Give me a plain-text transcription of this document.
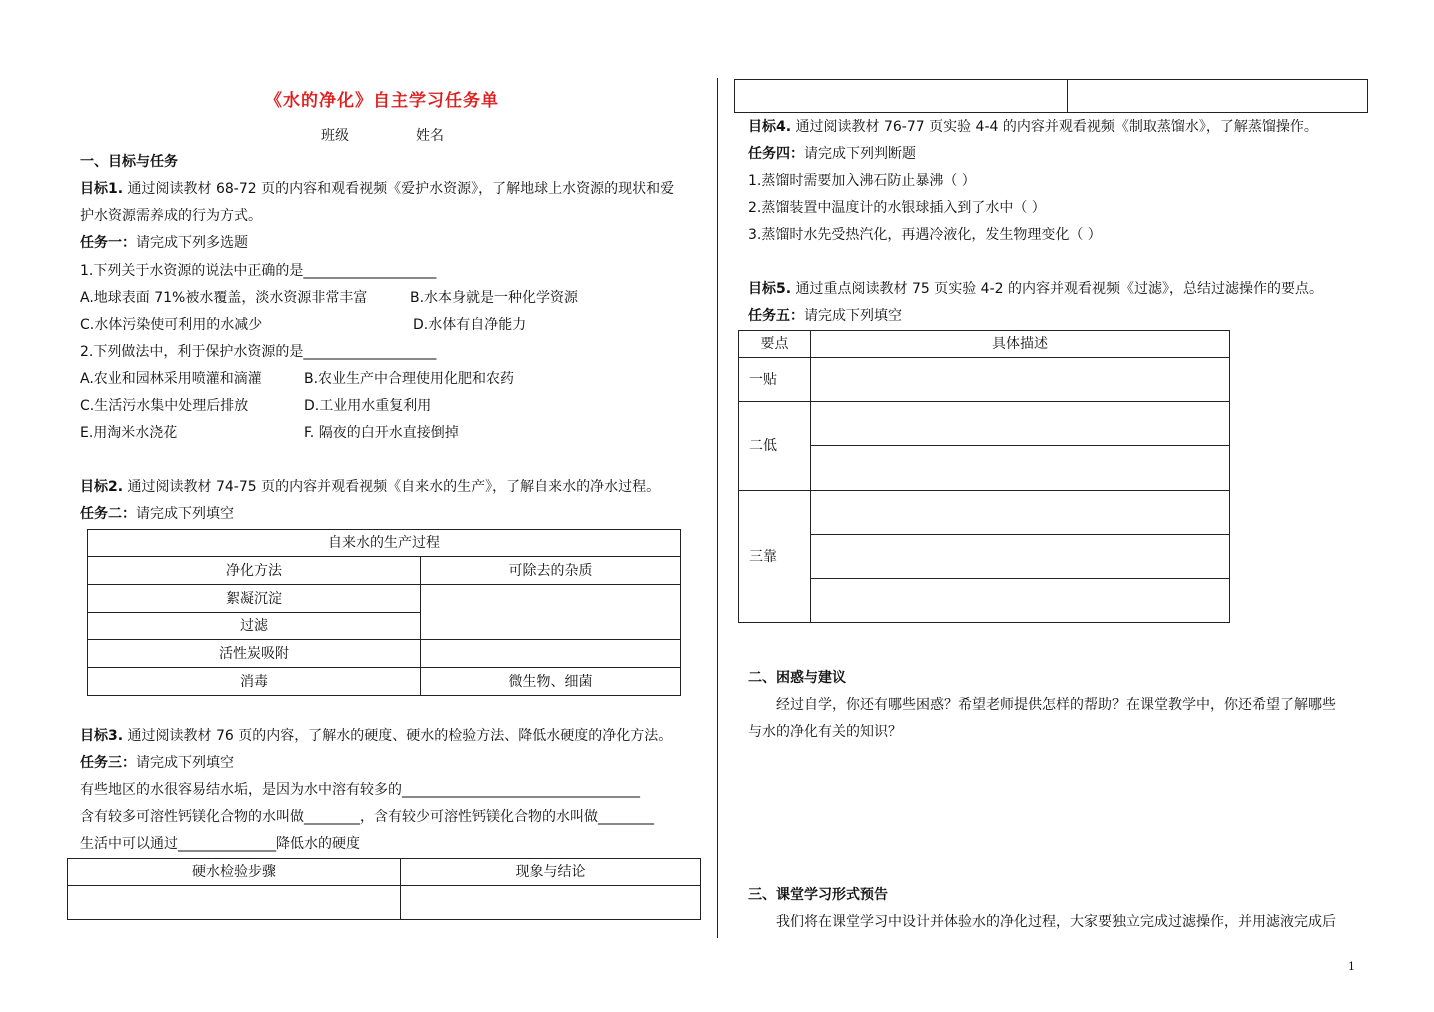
《水的净化》自主学习任务单
班级	姓名
一、目标与任务
目标1. 通过阅读教材 68-72 页的内容和观看视频《爱护水资源》，了解地球上水资源的现状和爱
护水资源需养成的行为方式。
任务一：请完成下列多选题
1.下列关于水资源的说法中正确的是___________________
A.地球表面 71%被水覆盖，淡水资源非常丰富	B.水本身就是一种化学资源
C.水体污染使可利用的水减少	D.水体有自净能力
2.下列做法中，利于保护水资源的是___________________
A.农业和园林采用喷灌和滴灌	B.农业生产中合理使用化肥和农药
C.生活污水集中处理后排放	D.工业用水重复利用
E.用淘米水浇花	F. 隔夜的白开水直接倒掉
目标2. 通过阅读教材 74-75 页的内容并观看视频《自来水的生产》，了解自来水的净水过程。
任务二：请完成下列填空
自来水的生产过程	
净化方法	可除去的杂质
絮凝沉淀	
过滤	
活性炭吸附	
消毒	微生物、细菌
目标3. 通过阅读教材 76 页的内容，了解水的硬度、硬水的检验方法、降低水硬度的净化方法。
任务三：请完成下列填空
有些地区的水很容易结水垢，是因为水中溶有较多的__________________________________
含有较多可溶性钙镁化合物的水叫做________，含有较少可溶性钙镁化合物的水叫做________
生活中可以通过______________降低水的硬度
硬水检验步骤	现象与结论

目标4. 通过阅读教材 76-77 页实验 4-4 的内容并观看视频《制取蒸馏水》，了解蒸馏操作。
任务四：请完成下列判断题
1.蒸馏时需要加入沸石防止暴沸（ ）
2.蒸馏装置中温度计的水银球插入到了水中（ ）
3.蒸馏时水先受热汽化，再遇冷液化，发生物理变化（ ）
目标5. 通过重点阅读教材 75 页实验 4-2 的内容并观看视频《过滤》，总结过滤操作的要点。
任务五：请完成下列填空
要点	具体描述
一贴	
二低	

三靠	

二、困惑与建议
经过自学，你还有哪些困惑？希望老师提供怎样的帮助？在课堂教学中，你还希望了解哪些
与水的净化有关的知识？
三、课堂学习形式预告
我们将在课堂学习中设计并体验水的净化过程，大家要独立完成过滤操作，并用滤液完成后
1
